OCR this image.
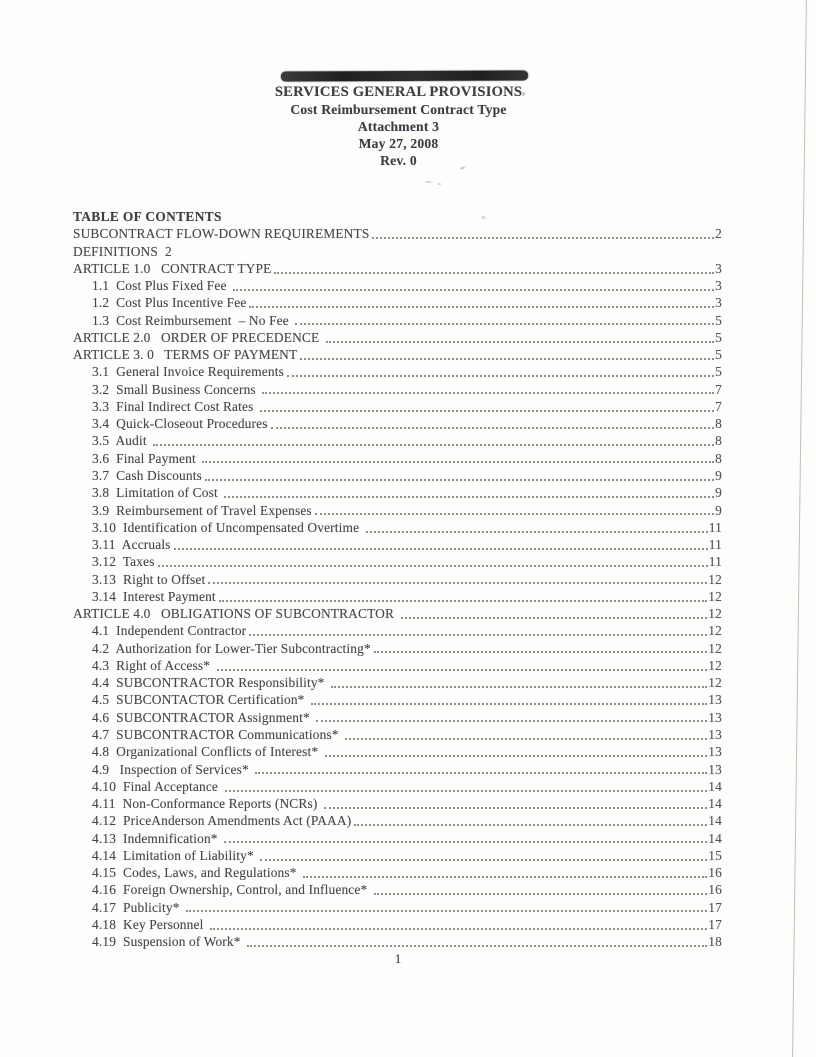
SERVICES GENERAL PROVISIONS
Cost Reimbursement Contract Type
Attachment 3
May 27, 2008
Rev. 0
TABLE OF CONTENTS
SUBCONTRACT FLOW-DOWN REQUIREMENTS	2
DEFINITIONS  2
ARTICLE 1.0   CONTRACT TYPE	3
1.1  Cost Plus Fixed Fee	3
1.2  Cost Plus Incentive Fee	3
1.3  Cost Reimbursement  – No Fee	5
ARTICLE 2.0   ORDER OF PRECEDENCE	5
ARTICLE 3. 0   TERMS OF PAYMENT	5
3.1  General Invoice Requirements	5
3.2  Small Business Concerns	7
3.3  Final Indirect Cost Rates	7
3.4  Quick-Closeout Procedures	8
3.5  Audit	8
3.6  Final Payment	8
3.7  Cash Discounts	9
3.8  Limitation of Cost	9
3.9  Reimbursement of Travel Expenses	9
3.10  Identification of Uncompensated Overtime	11
3.11  Accruals	11
3.12  Taxes	11
3.13  Right to Offset	12
3.14  Interest Payment	12
ARTICLE 4.0   OBLIGATIONS OF SUBCONTRACTOR	12
4.1  Independent Contractor	12
4.2  Authorization for Lower-Tier Subcontracting*	12
4.3  Right of Access*	12
4.4  SUBCONTRACTOR Responsibility*	12
4.5  SUBCONTACTOR Certification*	13
4.6  SUBCONTRACTOR Assignment*	13
4.7  SUBCONTRACTOR Communications*	13
4.8  Organizational Conflicts of Interest*	13
4.9   Inspection of Services*	13
4.10  Final Acceptance	14
4.11  Non-Conformance Reports (NCRs)	14
4.12  PriceAnderson Amendments Act (PAAA)	14
4.13  Indemnification*	14
4.14  Limitation of Liability*	15
4.15  Codes, Laws, and Regulations*	16
4.16  Foreign Ownership, Control, and Influence*	16
4.17  Publicity*	17
4.18  Key Personnel	17
4.19  Suspension of Work*	18
1
